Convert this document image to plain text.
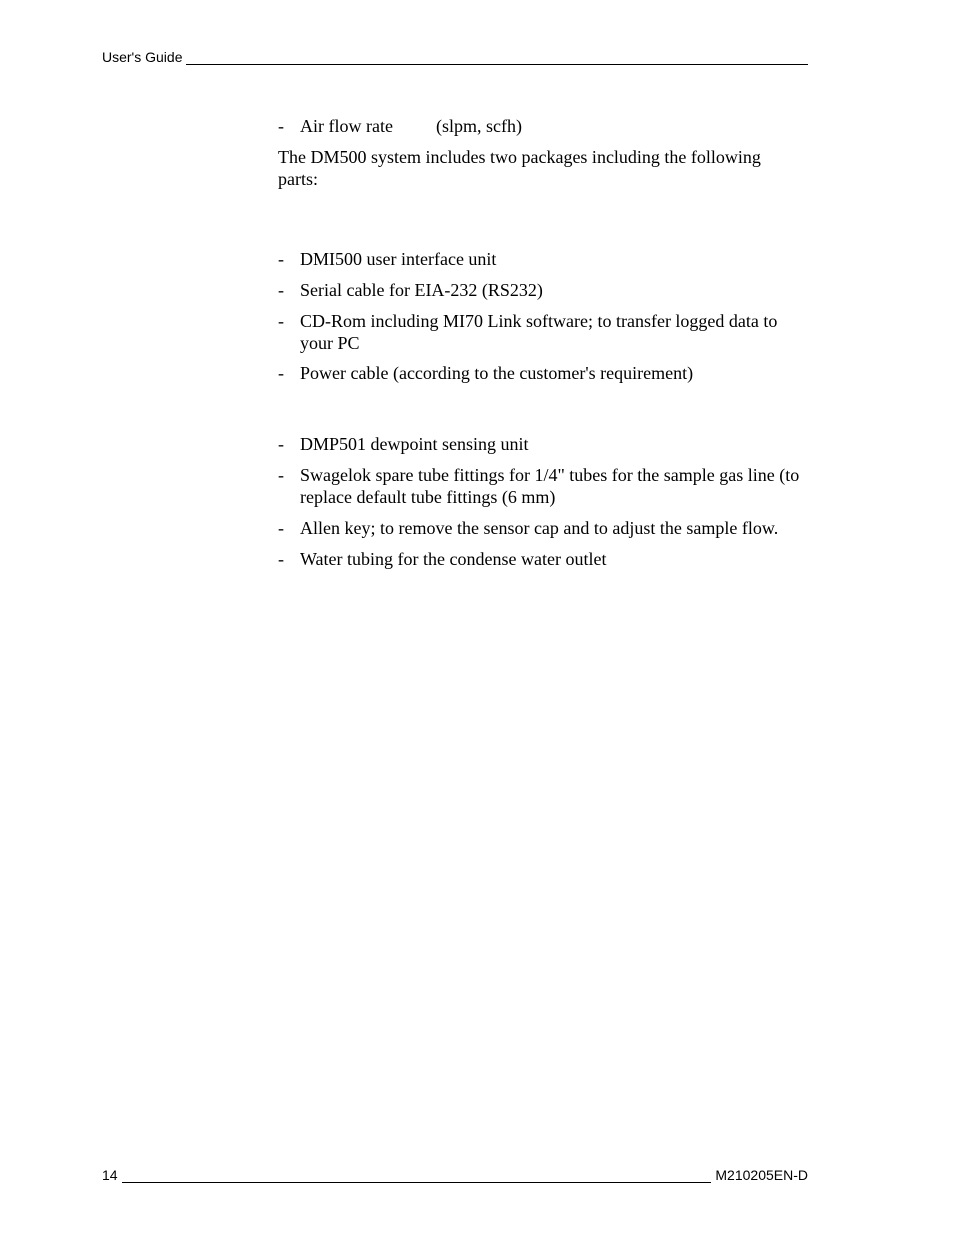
User's Guide
- Air flow rate (slpm, scfh)
The DM500 system includes two packages including the following parts:
- DMI500 user interface unit
- Serial cable for EIA-232 (RS232)
- CD-Rom including MI70 Link software; to transfer logged data to your PC
- Power cable (according to the customer's requirement)
- DMP501 dewpoint sensing unit
- Swagelok spare tube fittings for 1/4" tubes for the sample gas line (to replace default tube fittings (6 mm)
- Allen key; to remove the sensor cap and to adjust the sample flow.
- Water tubing for the condense water outlet
14	M210205EN-D
